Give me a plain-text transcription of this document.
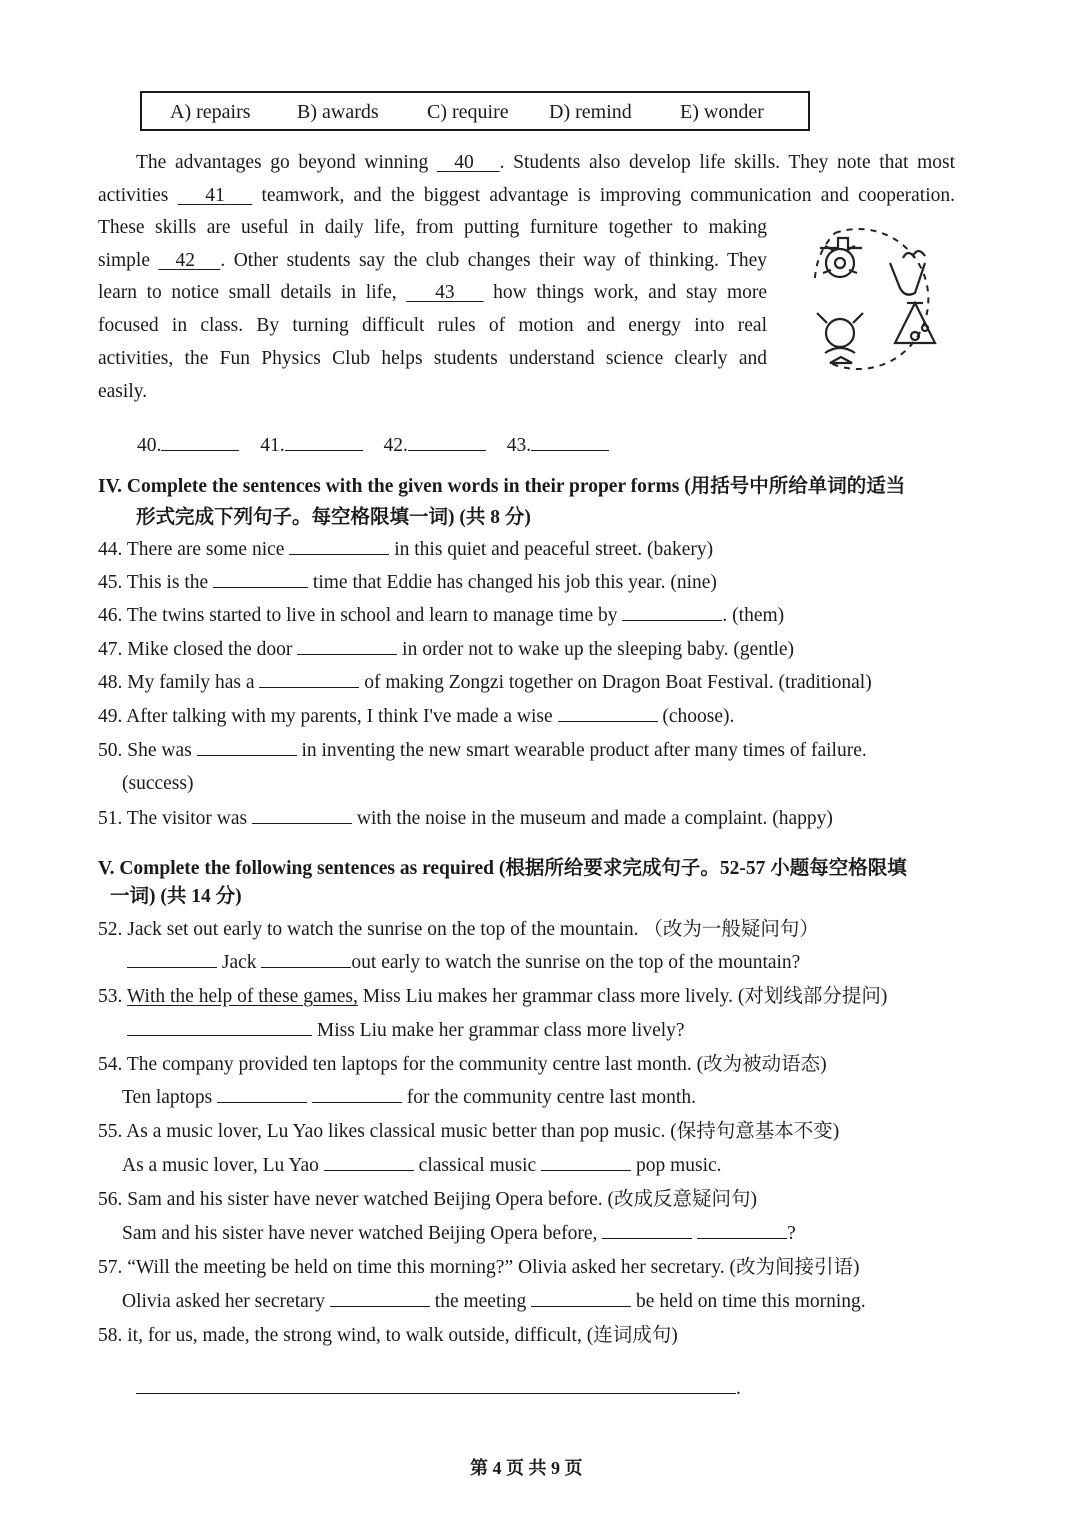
A) repairs B) awards C) require D) remind E) wonder

The advantages go beyond winning 40 . Students also develop life skills. They note that most

activities 41 teamwork, and the biggest advantage is improving communication and cooperation.

These skills are useful in daily life, from putting furniture together to making

simple 42 . Other students say the club changes their way of thinking. They

learn to notice small details in life, 43 how things work, and stay more

focused in class. By turning difficult rules of motion and energy into real

activities, the Fun Physics Club helps students understand science clearly and

easily.

40.	41.	42.	43.
IV. Complete the sentences with the given words in their proper forms (用括号中所给单词的适当
形式完成下列句子。每空格限填一词) (共 8 分)
44. There are some nice	in this quiet and peaceful street. (bakery)
45. This is the	time that Eddie has changed his job this year. (nine)
46. The twins started to live in school and learn to manage time by	. (them)
47. Mike closed the door	in order not to wake up the sleeping baby. (gentle)
48. My family has a	of making Zongzi together on Dragon Boat Festival. (traditional)
49. After talking with my parents, I think I've made a wise	(choose).
50. She was	in inventing the new smart wearable product after many times of failure.
(success)
51. The visitor was	with the noise in the museum and made a complaint. (happy)
V. Complete the following sentences as required (根据所给要求完成句子。52-57 小题每空格限填
一词) (共 14 分)
52. Jack set out early to watch the sunrise on the top of the mountain. （改为一般疑问句）
Jack	out early to watch the sunrise on the top of the mountain?
53. With the help of these games, Miss Liu makes her grammar class more lively. (对划线部分提问)
Miss Liu make her grammar class more lively?
54. The company provided ten laptops for the community centre last month. (改为被动语态)
Ten laptops	for the community centre last month.
55. As a music lover, Lu Yao likes classical music better than pop music. (保持句意基本不变)
As a music lover, Lu Yao	classical music	pop music.
56. Sam and his sister have never watched Beijing Opera before. (改成反意疑问句)
Sam and his sister have never watched Beijing Opera before,	?
57. “Will the meeting be held on time this morning?” Olivia asked her secretary. (改为间接引语)
Olivia asked her secretary	the meeting	be held on time this morning.
58. it, for us, made, the strong wind, to walk outside, difficult, (连词成句)
.
第 4 页 共 9 页
